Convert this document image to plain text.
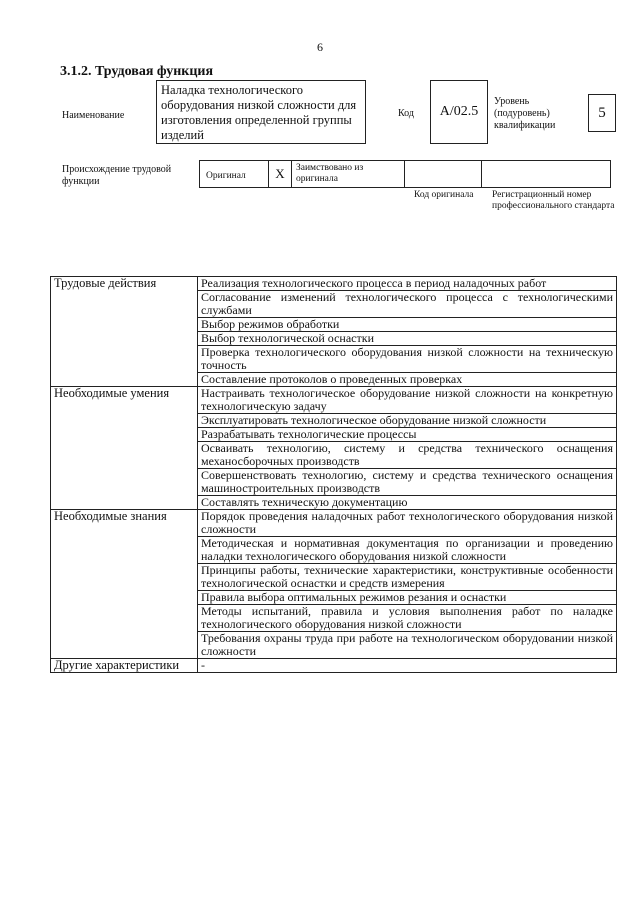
6
3.1.2. Трудовая функция
Наименование
Наладка технологического оборудования низкой сложности для изготовления определенной группы изделий
Код	A/02.5
Уровень (подуровень) квалификации
5
Происхождение трудовой функции	Оригинал	X	Заимствовано из оригинала
Код оригинала Регистрационный номер профессионального стандарта
Трудовые действия	Реализация технологического процесса в период наладочных работ
	Согласование изменений технологического процесса с технологическими службами
	Выбор режимов обработки
	Выбор технологической оснастки
	Проверка технологического оборудования низкой сложности на техническую точность
	Составление протоколов о проведенных проверках
Необходимые умения	Настраивать технологическое оборудование низкой сложности на конкретную технологическую задачу
	Эксплуатировать технологическое оборудование низкой сложности
	Разрабатывать технологические процессы
	Осваивать технологию, систему и средства технического оснащения механосборочных производств
	Совершенствовать технологию, систему и средства технического оснащения машиностроительных производств
	Составлять техническую документацию
Необходимые знания	Порядок проведения наладочных работ технологического оборудования низкой сложности
	Методическая и нормативная документация по организации и проведению наладки технологического оборудования низкой сложности
	Принципы работы, технические характеристики, конструктивные особенности технологической оснастки и средств измерения
	Правила выбора оптимальных режимов резания и оснастки
	Методы испытаний, правила и условия выполнения работ по наладке технологического оборудования низкой сложности
	Требования охраны труда при работе на технологическом оборудовании низкой сложности
Другие характеристики	-
